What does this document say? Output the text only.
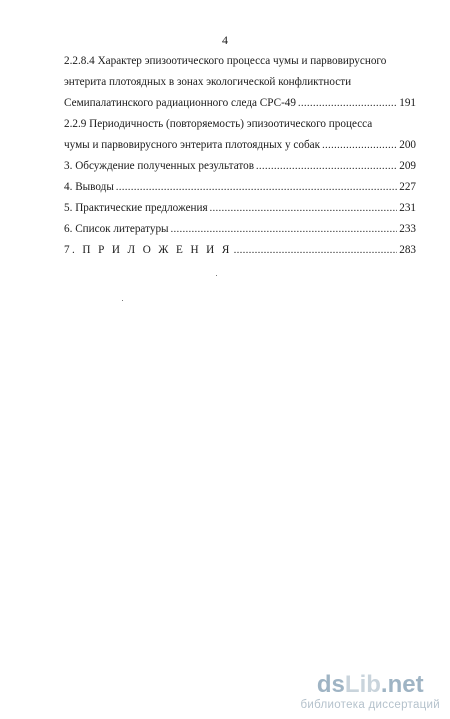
4
2.2.8.4 Характер эпизоотического процесса чумы и парвовирусного
энтерита плотоядных в зонах экологической конфликтности
Семипалатинского радиационного следа СРС-49 .....	191
2.2.9 Периодичность (повторяемость) эпизоотического процесса
чумы и парвовирусного энтерита плотоядных у собак .....	200
3. Обсуждение полученных результатов .....	209
4. Выводы .....	227
5. Практические предложения .....	231
6. Список литературы .....	233
7. П Р И Л О Ж Е Н И Я .....	283
dsLib.net
библиотека диссертаций
